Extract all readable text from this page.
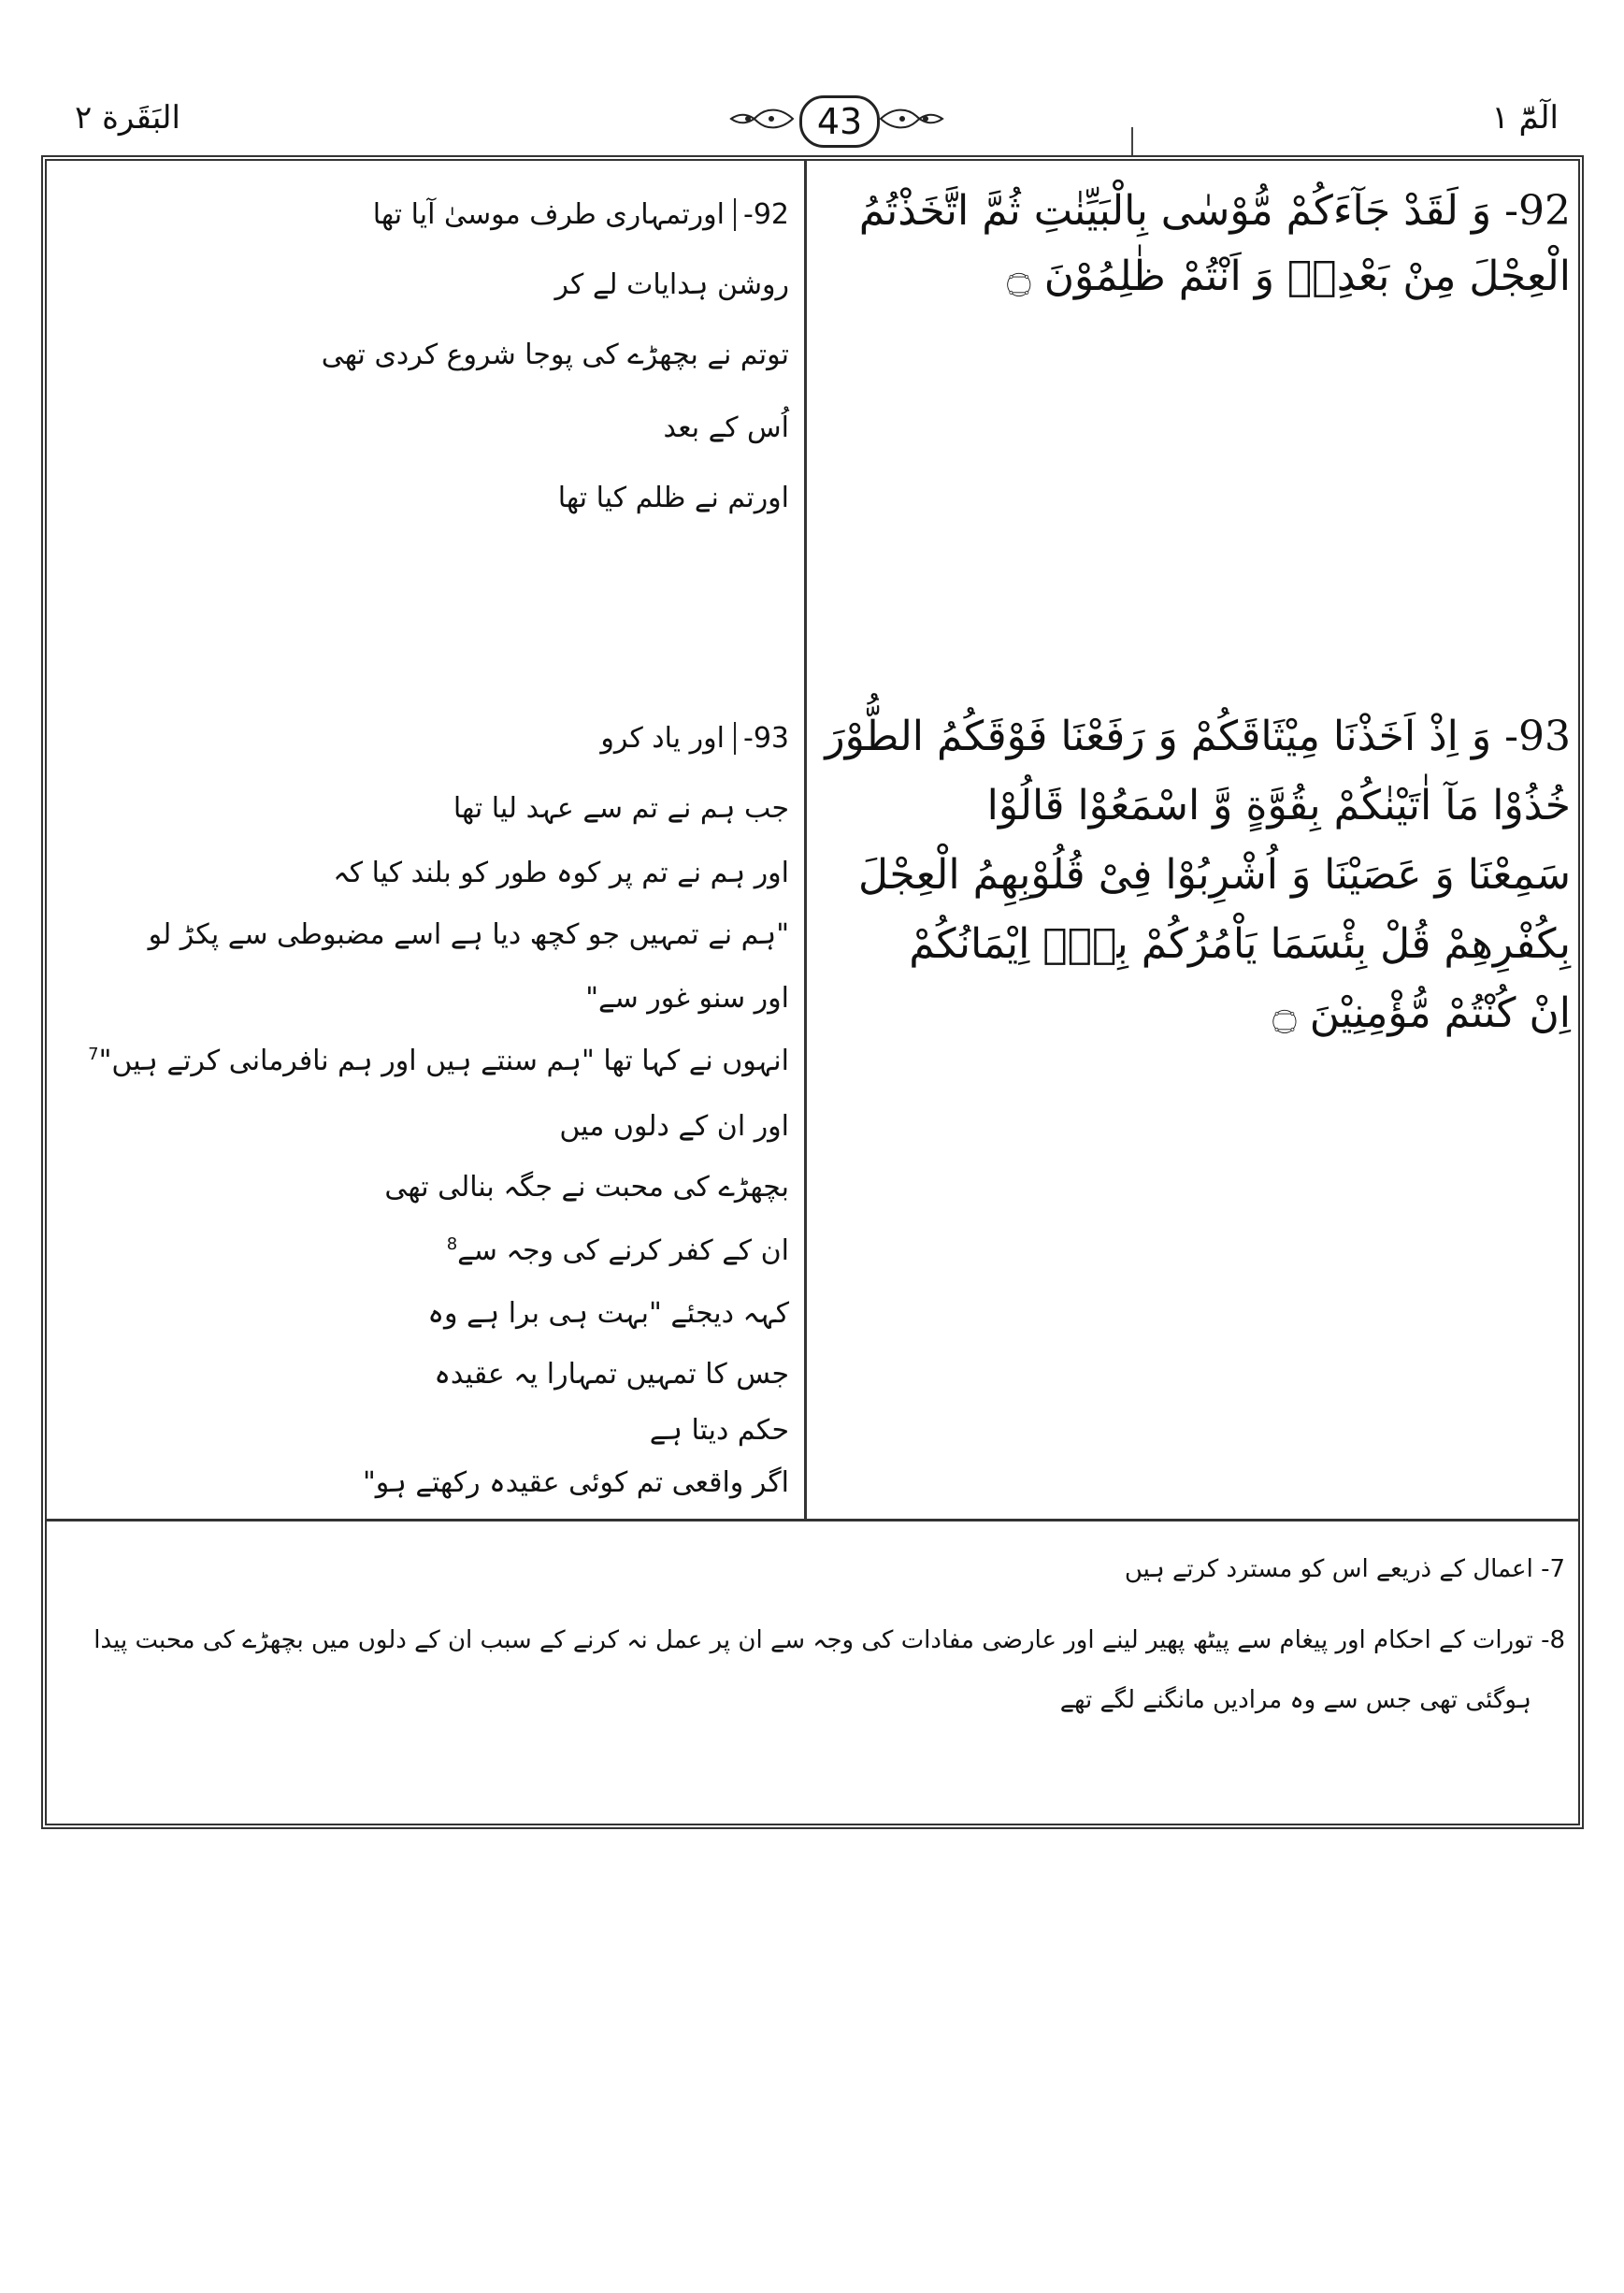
البَقَرة ٢	43	الٓمّٓ ١
92- وَ لَقَدْ جَآءَكُمْ مُّوْسٰى بِالْبَيِّنٰتِ ثُمَّ اتَّخَذْتُمُ
الْعِجْلَ مِنْ بَعْدِهٖ وَ اَنْتُمْ ظٰلِمُوْنَ ۝
93- وَ اِذْ اَخَذْنَا مِيْثَاقَكُمْ وَ رَفَعْنَا فَوْقَكُمُ الطُّوْرَ
خُذُوْا مَآ اٰتَيْنٰكُمْ بِقُوَّةٍ وَّ اسْمَعُوْا قَالُوْا
سَمِعْنَا وَ عَصَيْنَا وَ اُشْرِبُوْا فِىْ قُلُوْبِهِمُ الْعِجْلَ
بِكُفْرِهِمْ قُلْ بِئْسَمَا يَاْمُرُكُمْ بِهٖۤ اِيْمَانُكُمْ
اِنْ كُنْتُمْ مُّؤْمِنِيْنَ ۝
92-اورتمہاری طرف موسیٰ آیا تھا
روشن ہدایات لے کر
توتم نے بچھڑے کی پوجا شروع کردی تھی
اُس کے بعد
اورتم نے ظلم کیا تھا
93-اور یاد کرو
جب ہم نے تم سے عہد لیا تھا
اور ہم نے تم پر کوہ طور کو بلند کیا کہ
"ہم نے تمہیں جو کچھ دیا ہے اسے مضبوطی سے پکڑ لو
اور سنو غور سے"
انہوں نے کہا تھا "ہم سنتے ہیں اور ہم نافرمانی کرتے ہیں"$^7$
اور ان کے دلوں میں
بچھڑے کی محبت نے جگہ بنالی تھی
ان کے کفر کرنے کی وجہ سے$^8$
کہہ دیجئے "بہت ہی برا ہے وہ
جس کا تمہیں تمہارا یہ عقیدہ
حکم دیتا ہے
اگر واقعی تم کوئی عقیدہ رکھتے ہو"
7- اعمال کے ذریعے اس کو مسترد کرتے ہیں
8- تورات کے احکام اور پیغام سے پیٹھ پھیر لینے اور عارضی مفادات کی وجہ سے ان پر عمل نہ کرنے کے سبب ان کے دلوں میں بچھڑے کی محبت پیدا
ہوگئی تھی جس سے وہ مرادیں مانگنے لگے تھے
